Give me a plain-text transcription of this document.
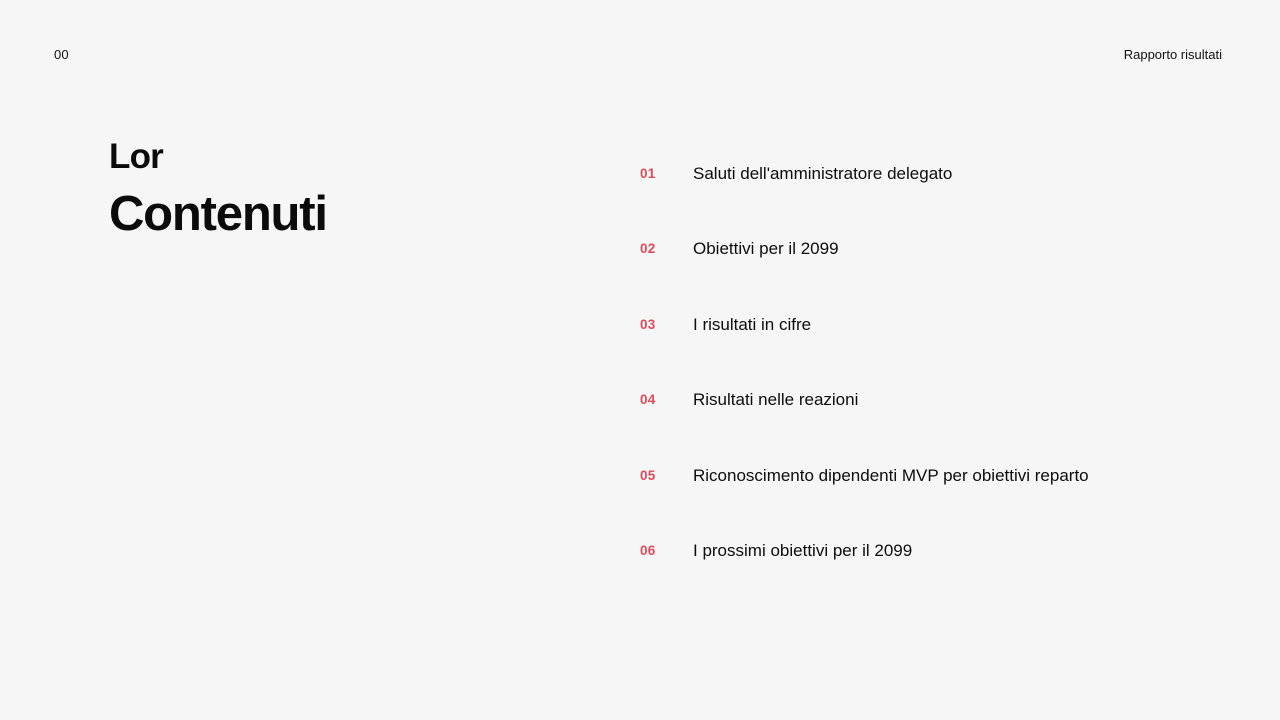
00	Rapporto risultati
Lor
Contenuti
01	Saluti dell'amministratore delegato
02	Obiettivi per il 2099
03	I risultati in cifre
04	Risultati nelle reazioni
05	Riconoscimento dipendenti MVP per obiettivi reparto
06	I prossimi obiettivi per il 2099
